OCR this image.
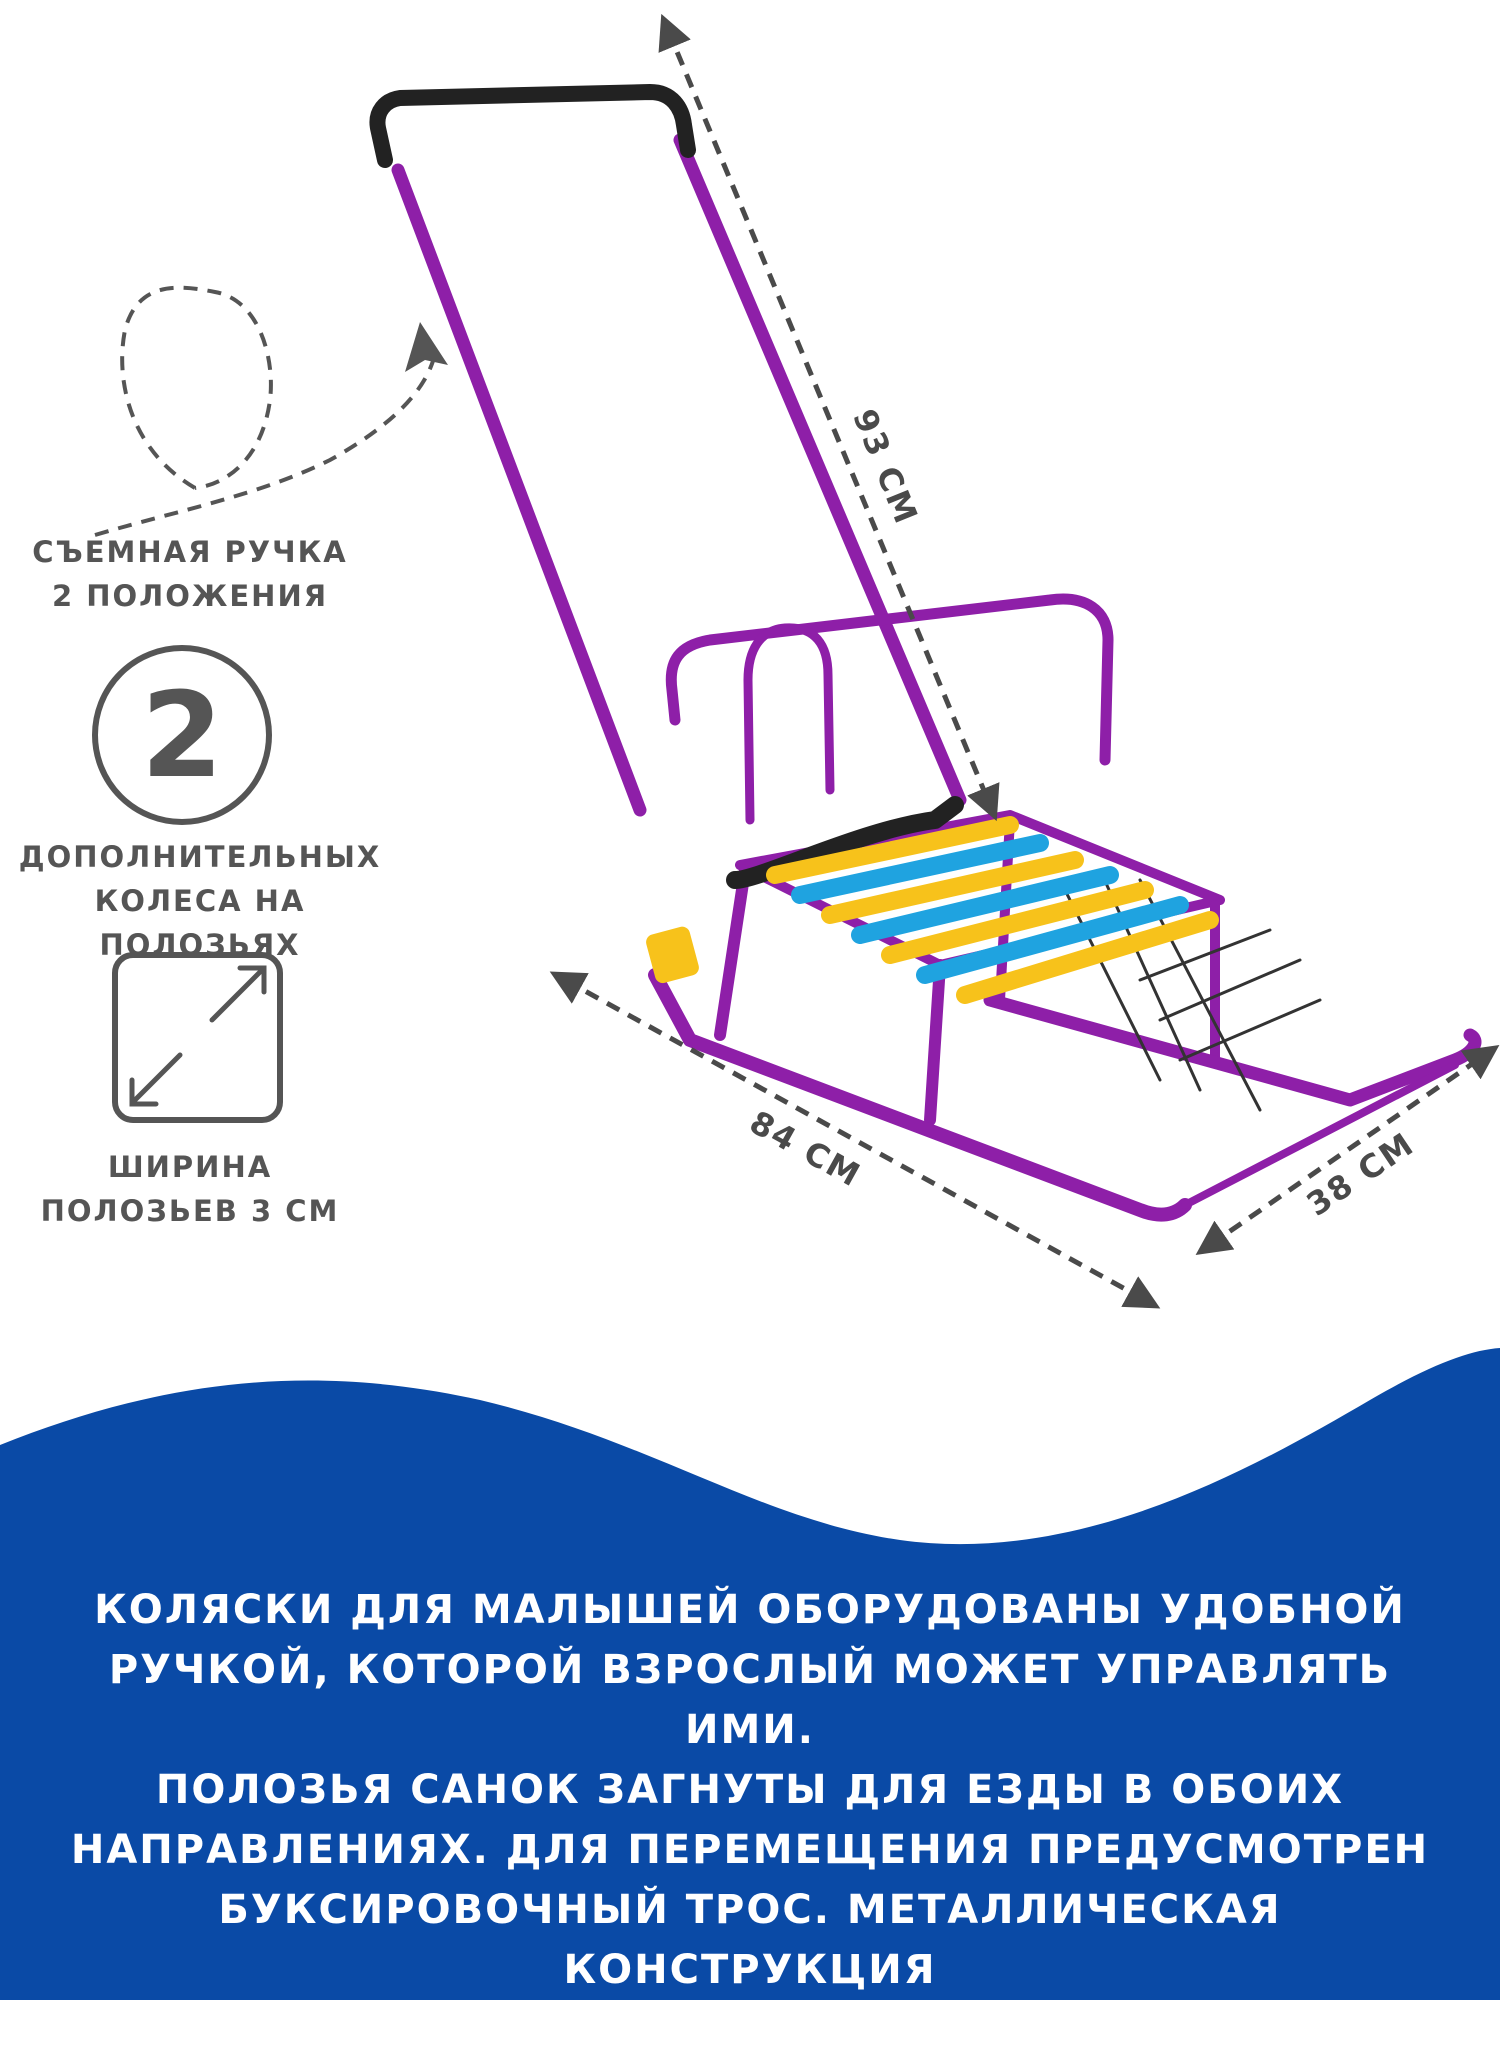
93 СМ
84 СМ	38 СМ
СЪЕМНАЯ РУЧКА
2 ПОЛОЖЕНИЯ
2
ДОПОЛНИТЕЛЬНЫХ
КОЛЕСА НА ПОЛОЗЬЯХ
ШИРИНА
ПОЛОЗЬЕВ 3 СМ
КОЛЯСКИ ДЛЯ МАЛЫШЕЙ ОБОРУДОВАНЫ УДОБНОЙ
РУЧКОЙ, КОТОРОЙ ВЗРОСЛЫЙ МОЖЕТ УПРАВЛЯТЬ ИМИ.
ПОЛОЗЬЯ САНОК ЗАГНУТЫ ДЛЯ ЕЗДЫ В ОБОИХ
НАПРАВЛЕНИЯХ. ДЛЯ ПЕРЕМЕЩЕНИЯ ПРЕДУСМОТРЕН
БУКСИРОВОЧНЫЙ ТРОС. МЕТАЛЛИЧЕСКАЯ КОНСТРУКЦИЯ
САНОК ОЧЕНЬ НАДЕЖНАЯ
